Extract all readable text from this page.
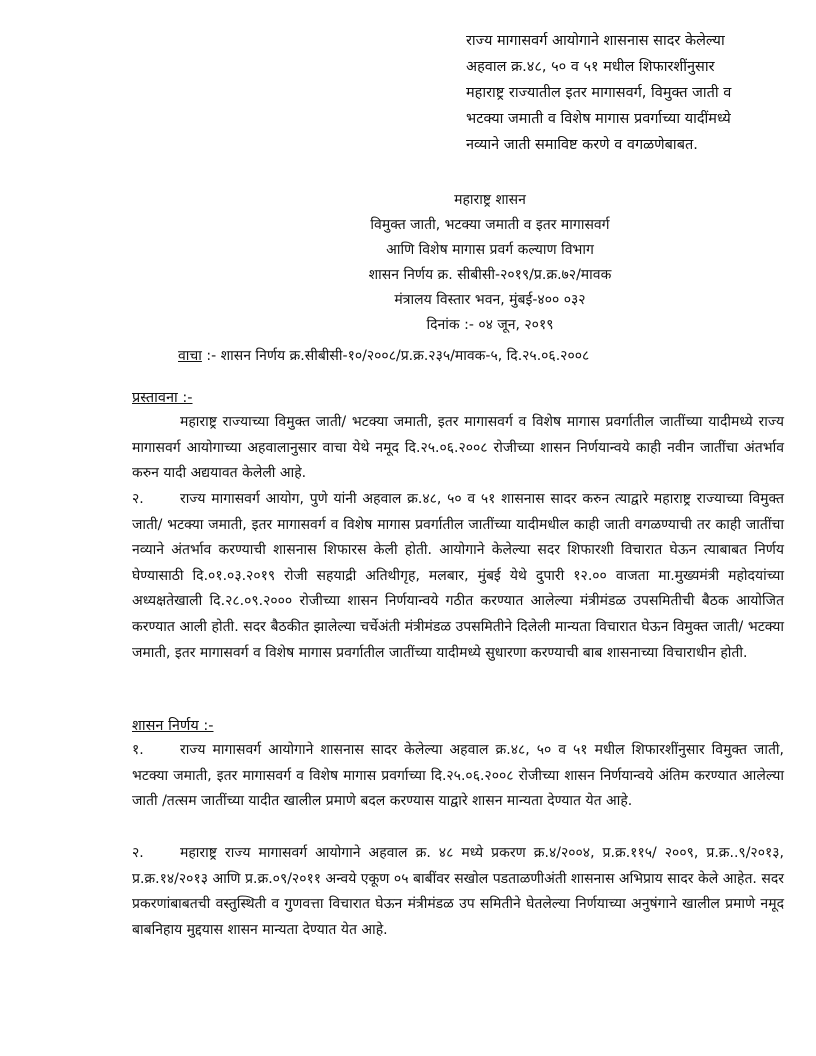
राज्य मागासवर्ग आयोगाने शासनास सादर केलेल्या
अहवाल क्र.४८, ५० व ५१ मधील शिफारशींनुसार
महाराष्ट्र राज्यातील इतर मागासवर्ग, विमुक्त जाती व
भटक्या जमाती व विशेष मागास प्रवर्गाच्या यादींमध्ये
नव्याने जाती समाविष्ट करणे व वगळणेबाबत.
महाराष्ट्र शासन
विमुक्त जाती, भटक्या जमाती व इतर मागासवर्ग
आणि विशेष मागास प्रवर्ग कल्याण विभाग
शासन निर्णय क्र. सीबीसी-२०१९/प्र.क्र.७२/मावक
मंत्रालय विस्तार भवन, मुंबई-४०० ०३२
दिनांक :- ०४ जून, २०१९
वाचा :- शासन निर्णय क्र.सीबीसी-१०/२००८/प्र.क्र.२३५/मावक-५, दि.२५.०६.२००८
प्रस्तावना :-
महाराष्ट्र राज्याच्या विमुक्त जाती/ भटक्या जमाती, इतर मागासवर्ग व विशेष मागास प्रवर्गातील जातींच्या यादीमध्ये राज्य मागासवर्ग आयोगाच्या अहवालानुसार वाचा येथे नमूद दि.२५.०६.२००८ रोजीच्या शासन निर्णयान्वये काही नवीन जातींचा अंतर्भाव करुन यादी अद्ययावत केलेली आहे.
२.	राज्य मागासवर्ग आयोग, पुणे यांनी अहवाल क्र.४८, ५० व ५१ शासनास सादर करुन त्याद्वारे महाराष्ट्र राज्याच्या विमुक्त जाती/ भटक्या जमाती, इतर मागासवर्ग व विशेष मागास प्रवर्गातील जातींच्या यादीमधील काही जाती वगळण्याची तर काही जातींचा नव्याने अंतर्भाव करण्याची शासनास शिफारस केली होती. आयोगाने केलेल्या सदर शिफारशी विचारात घेऊन त्याबाबत निर्णय घेण्यासाठी दि.०१.०३.२०१९ रोजी सहयाद्री अतिथीगृह, मलबार, मुंबई येथे दुपारी १२.०० वाजता मा.मुख्यमंत्री महोदयांच्या अध्यक्षतेखाली दि.२८.०९.२००० रोजीच्या शासन निर्णयान्वये गठीत करण्यात आलेल्या मंत्रीमंडळ उपसमितीची बैठक आयोजित करण्यात आली होती. सदर बैठकीत झालेल्या चर्चेअंती मंत्रीमंडळ उपसमितीने दिलेली मान्यता विचारात घेऊन विमुक्त जाती/ भटक्या जमाती, इतर मागासवर्ग व विशेष मागास प्रवर्गातील जातींच्या यादीमध्ये सुधारणा करण्याची बाब शासनाच्या विचाराधीन होती.
शासन निर्णय :-
१.	राज्य मागासवर्ग आयोगाने शासनास सादर केलेल्या अहवाल क्र.४८, ५० व ५१ मधील शिफारशींनुसार विमुक्त जाती, भटक्या जमाती, इतर मागासवर्ग व विशेष मागास प्रवर्गाच्या दि.२५.०६.२००८ रोजीच्या शासन निर्णयान्वये अंतिम करण्यात आलेल्या जाती /तत्सम जातींच्या यादीत खालील प्रमाणे बदल करण्यास याद्वारे शासन मान्यता देण्यात येत आहे.
२.	महाराष्ट्र राज्य मागासवर्ग आयोगाने अहवाल क्र. ४८ मध्ये प्रकरण क्र.४/२००४, प्र.क्र.११५/ २००९, प्र.क्र..९/२०१३, प्र.क्र.१४/२०१३ आणि प्र.क्र.०९/२०११ अन्वये एकूण ०५ बाबींवर सखोल पडताळणीअंती शासनास अभिप्राय सादर केले आहेत. सदर प्रकरणांबाबतची वस्तुस्थिती व गुणवत्ता विचारात घेऊन मंत्रीमंडळ उप समितीने घेतलेल्या निर्णयाच्या अनुषंगाने खालील प्रमाणे नमूद बाबनिहाय मुद्दयास शासन मान्यता देण्यात येत आहे.
